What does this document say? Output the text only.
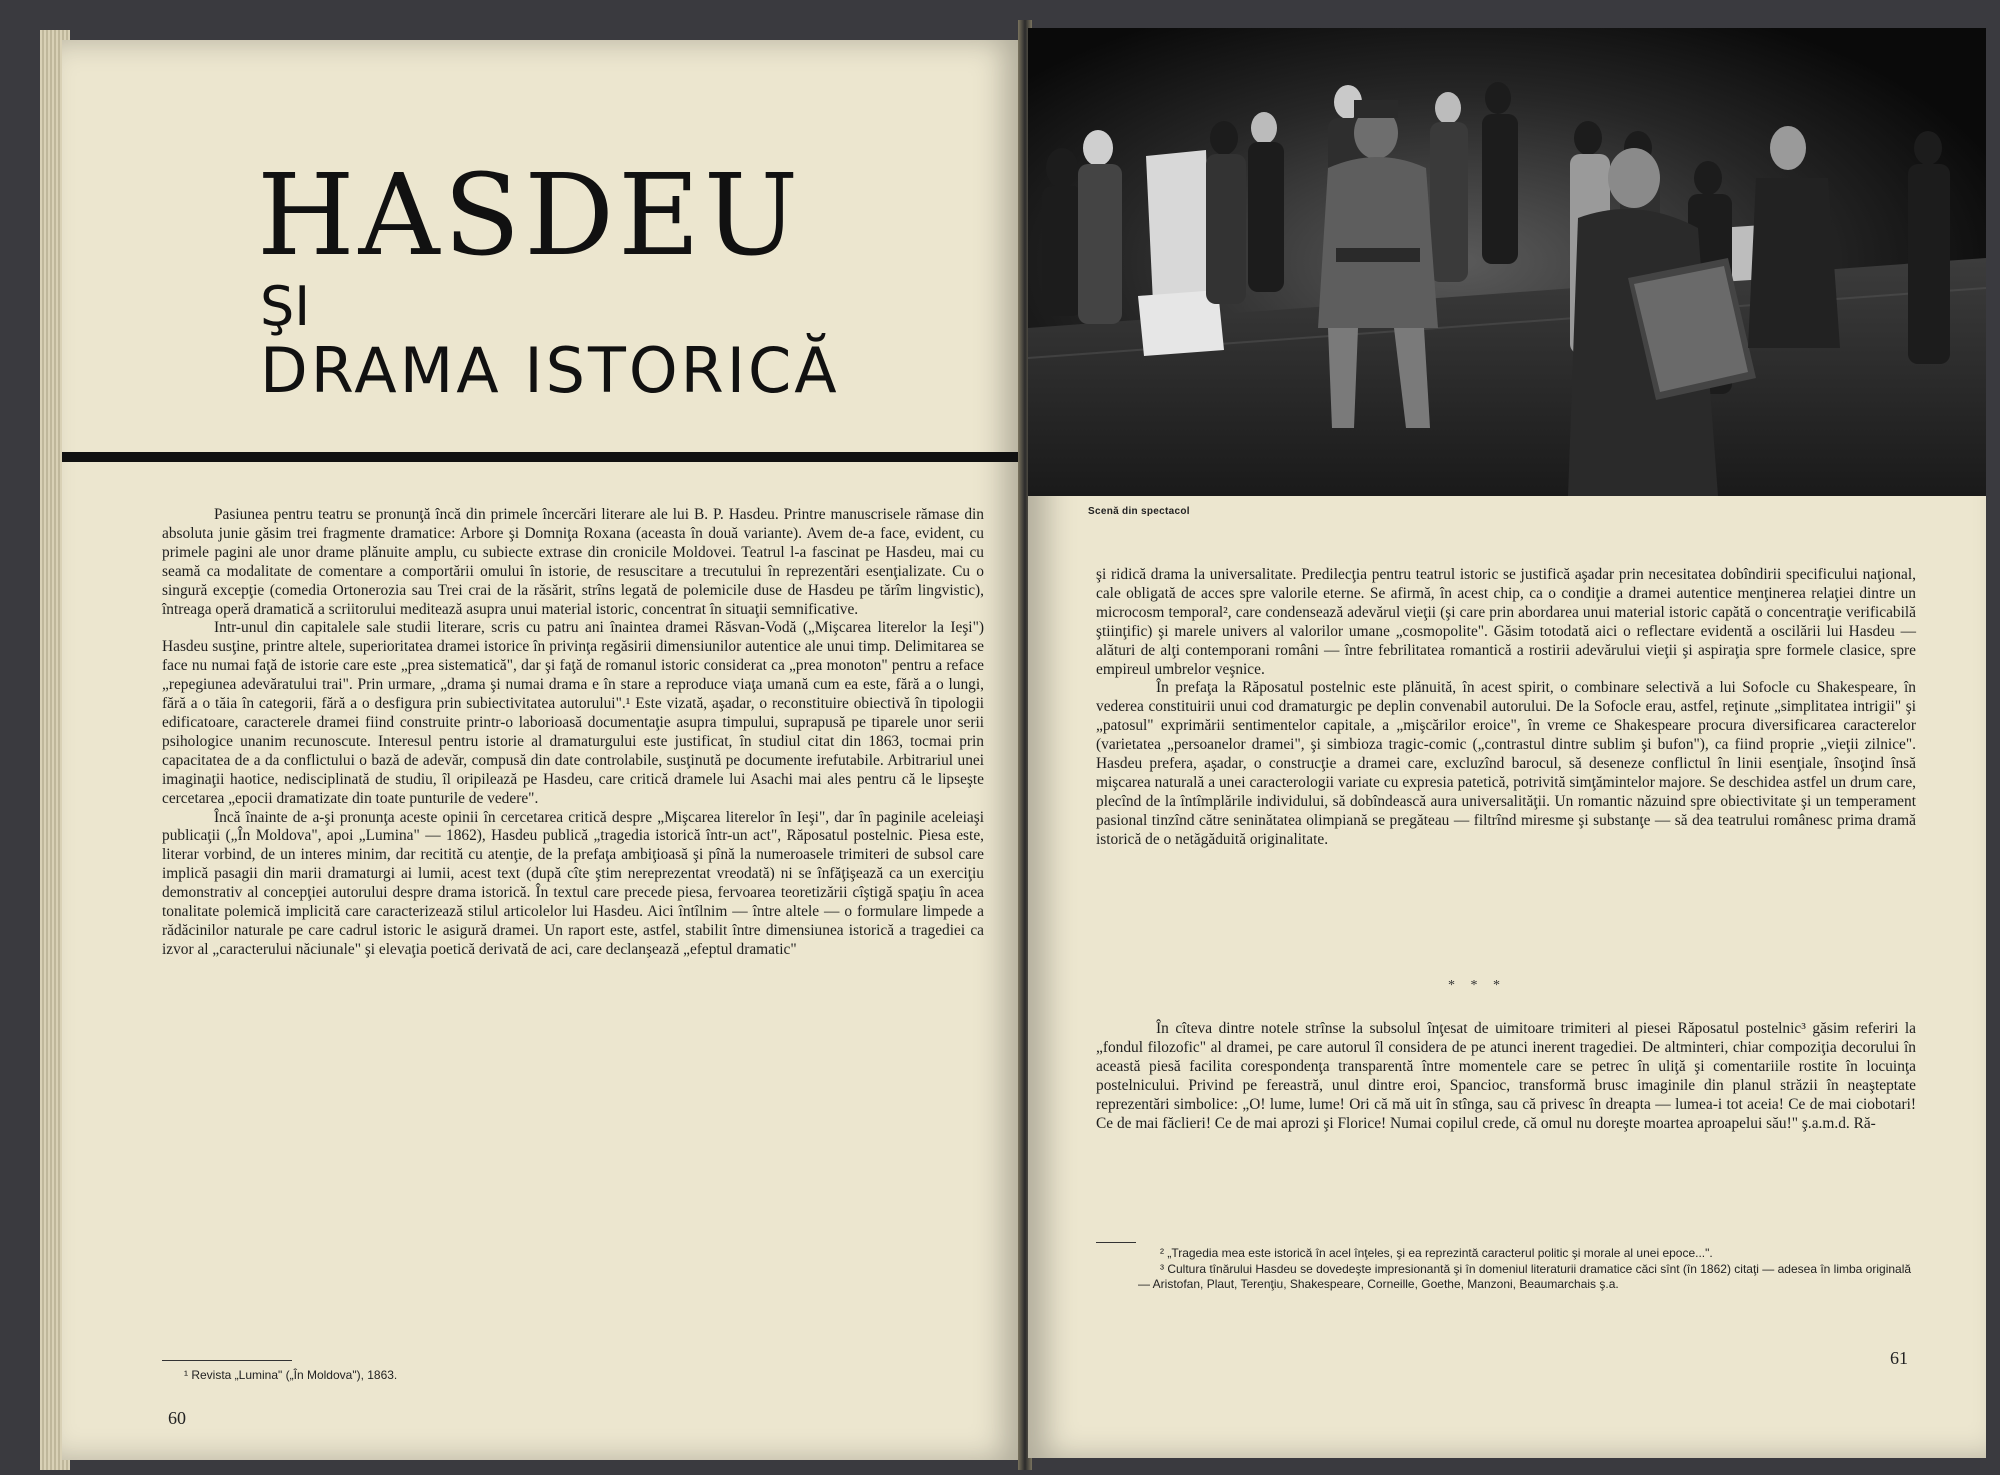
HASDEU
ŞI
DRAMA ISTORICĂ

Pasiunea pentru teatru se pronunţă încă din primele încercări literare ale lui B. P. Hasdeu. Printre manuscrisele rămase din absoluta junie găsim trei fragmente dramatice: Arbore şi Domniţa Roxana (aceasta în două variante). Avem de-a face, evident, cu primele pagini ale unor drame plănuite amplu, cu subiecte extrase din cronicile Moldovei. Teatrul l-a fascinat pe Hasdeu, mai cu seamă ca modalitate de comentare a comportării omului în istorie, de resuscitare a trecutului în reprezentări esenţializate. Cu o singură excepţie (comedia Ortonerozia sau Trei crai de la răsărit, strîns legată de polemicile duse de Hasdeu pe tărîm lingvistic), întreaga operă dramatică a scriitorului meditează asupra unui material istoric, concentrat în situaţii semnificative.

Intr-unul din capitalele sale studii literare, scris cu patru ani înaintea dramei Răsvan-Vodă („Mişcarea literelor la Ieşi") Hasdeu susţine, printre altele, superioritatea dramei istorice în privinţa regăsirii dimensiunilor autentice ale unui timp. Delimitarea se face nu numai faţă de istorie care este „prea sistematică", dar şi faţă de romanul istoric considerat ca „prea monoton" pentru a reface „repegiunea adevăratului trai". Prin urmare, „drama şi numai drama e în stare a reproduce viaţa umană cum ea este, fără a o lungi, fără a o tăia în categorii, fără a o desfigura prin subiectivitatea autorului".¹ Este vizată, aşadar, o reconstituire obiectivă în tipologii edificatoare, caracterele dramei fiind construite printr-o laborioasă documentaţie asupra timpului, suprapusă pe tiparele unor serii psihologice unanim recunoscute. Interesul pentru istorie al dramaturgului este justificat, în studiul citat din 1863, tocmai prin capacitatea de a da conflictului o bază de adevăr, compusă din date controlabile, susţinută pe documente irefutabile. Arbitrariul unei imaginaţii haotice, nedisciplinată de studiu, îl oripilează pe Hasdeu, care critică dramele lui Asachi mai ales pentru că le lipseşte cercetarea „epocii dramatizate din toate punturile de vedere".

Încă înainte de a-şi pronunţa aceste opinii în cercetarea critică despre „Mişcarea literelor în Ieşi", dar în paginile aceleiaşi publicaţii („În Moldova", apoi „Lumina" — 1862), Hasdeu publică „tragedia istorică într-un act", Răposatul postelnic. Piesa este, literar vorbind, de un interes minim, dar recitită cu atenţie, de la prefaţa ambiţioasă şi pînă la numeroasele trimiteri de subsol care implică pasagii din marii dramaturgi ai lumii, acest text (după cîte ştim nereprezentat vreodată) ni se înfăţişează ca un exerciţiu demonstrativ al concepţiei autorului despre drama istorică. În textul care precede piesa, fervoarea teoretizării cîştigă spaţiu în acea tonalitate polemică implicită care caracterizează stilul articolelor lui Hasdeu. Aici întîlnim — între altele — o formulare limpede a rădăcinilor naturale pe care cadrul istoric le asigură dramei. Un raport este, astfel, stabilit între dimensiunea istorică a tragediei ca izvor al „caracterului năciunale" şi elevaţia poetică derivată de aci, care declanşează „efeptul dramatic"

¹ Revista „Lumina" („În Moldova"), 1863.
60
Scenă din spectacol

şi ridică drama la universalitate. Predilecţia pentru teatrul istoric se justifică aşadar prin necesitatea dobîndirii specificului naţional, cale obligată de acces spre valorile eterne. Se afirmă, în acest chip, ca o condiţie a dramei autentice menţinerea relaţiei dintre un microcosm temporal², care condensează adevărul vieţii (şi care prin abordarea unui material istoric capătă o concentraţie verificabilă ştiinţific) şi marele univers al valorilor umane „cosmopolite". Găsim totodată aici o reflectare evidentă a oscilării lui Hasdeu — alături de alţi contemporani români — între febrilitatea romantică a rostirii adevărului vieţii şi aspiraţia spre formele clasice, spre empireul umbrelor veşnice.

În prefaţa la Răposatul postelnic este plănuită, în acest spirit, o combinare selectivă a lui Sofocle cu Shakespeare, în vederea constituirii unui cod dramaturgic pe deplin convenabil autorului. De la Sofocle erau, astfel, reţinute „simplitatea intrigii" şi „patosul" exprimării sentimentelor capitale, a „mişcărilor eroice", în vreme ce Shakespeare procura diversificarea caracterelor (varietatea „persoanelor dramei", şi simbioza tragic-comic („contrastul dintre sublim şi bufon"), ca fiind proprie „vieţii zilnice". Hasdeu prefera, aşadar, o construcţie a dramei care, excluzînd barocul, să deseneze conflictul în linii esenţiale, însoţind însă mişcarea naturală a unei caracterologii variate cu expresia patetică, potrivită simţămintelor majore. Se deschidea astfel un drum care, plecînd de la întîmplările individului, să dobîndească aura universalităţii. Un romantic năzuind spre obiectivitate şi un temperament pasional tinzînd către seninătatea olimpiană se pregăteau — filtrînd miresme şi substanţe — să dea teatrului românesc prima dramă istorică de o netăgăduită originalitate.

* * *

În cîteva dintre notele strînse la subsolul înţesat de uimitoare trimiteri al piesei Răposatul postelnic³ găsim referiri la „fondul filozofic" al dramei, pe care autorul îl considera de pe atunci inerent tragediei. De altminteri, chiar compoziţia decorului în această piesă facilita corespondenţa transparentă între momentele care se petrec în uliţă şi comentariile rostite în locuinţa postelnicului. Privind pe fereastră, unul dintre eroi, Spancioc, transformă brusc imaginile din planul străzii în neaşteptate reprezentări simbolice: „O! lume, lume! Ori că mă uit în stînga, sau că privesc în dreapta — lumea-i tot aceia! Ce de mai ciobotari! Ce de mai făclieri! Ce de mai aprozi şi Florice! Numai copilul crede, că omul nu doreşte moartea aproapelui său!" ş.a.m.d. Ră-

² „Tragedia mea este istorică în acel înţeles, şi ea reprezintă caracterul politic şi morale al unei epoce...".

³ Cultura tînărului Hasdeu se dovedeşte impresionantă şi în domeniul literaturii dramatice căci sînt (în 1862) citaţi — adesea în limba originală — Aristofan, Plaut, Terenţiu, Shakespeare, Corneille, Goethe, Manzoni, Beaumarchais ş.a.

61
